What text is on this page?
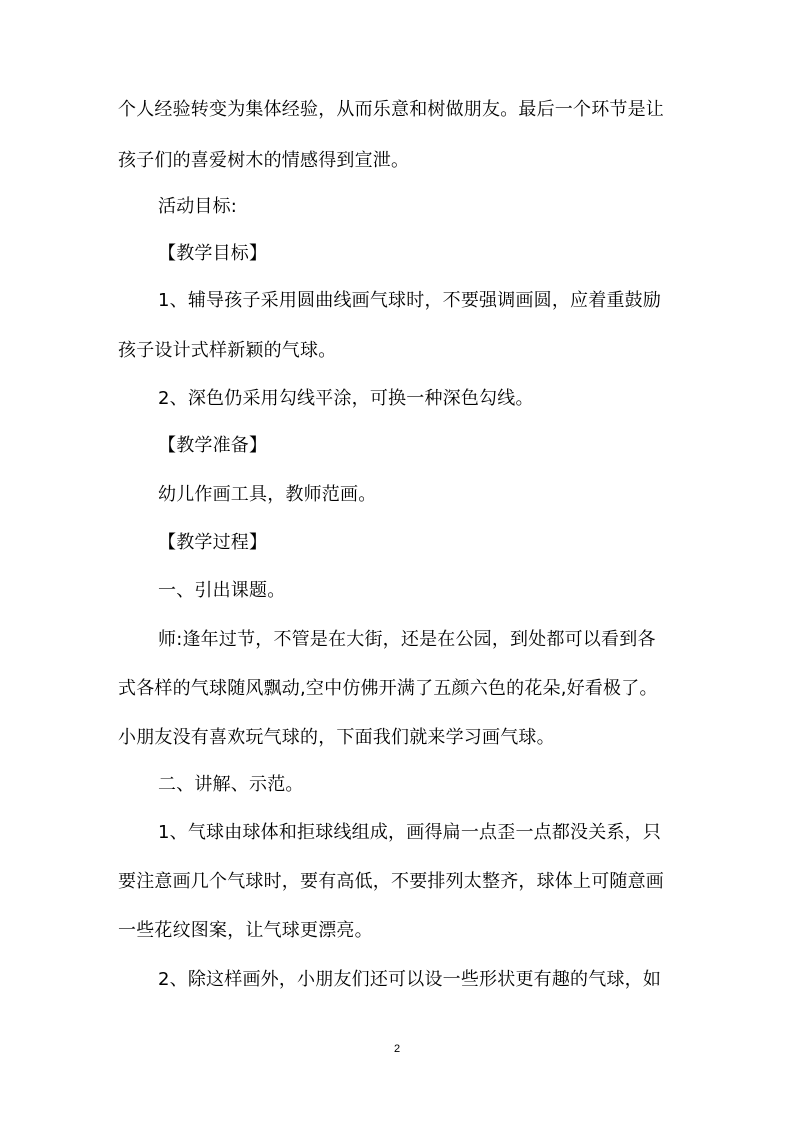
个人经验转变为集体经验，从而乐意和树做朋友。最后一个环节是让
孩子们的喜爱树木的情感得到宣泄。
活动目标:
【教学目标】
1、辅导孩子采用圆曲线画气球时，不要强调画圆，应着重鼓励
孩子设计式样新颖的气球。
2、深色仍采用勾线平涂，可换一种深色勾线。
【教学准备】
幼儿作画工具，教师范画。
【教学过程】
一、引出课题。
师:逢年过节，不管是在大街，还是在公园，到处都可以看到各
式各样的气球随风飘动,空中仿佛开满了五颜六色的花朵,好看极了。
小朋友没有喜欢玩气球的，下面我们就来学习画气球。
二、讲解、示范。
1、气球由球体和拒球线组成，画得扁一点歪一点都没关系，只
要注意画几个气球时，要有高低，不要排列太整齐，球体上可随意画
一些花纹图案，让气球更漂亮。
2、除这样画外，小朋友们还可以设一些形状更有趣的气球，如
2
